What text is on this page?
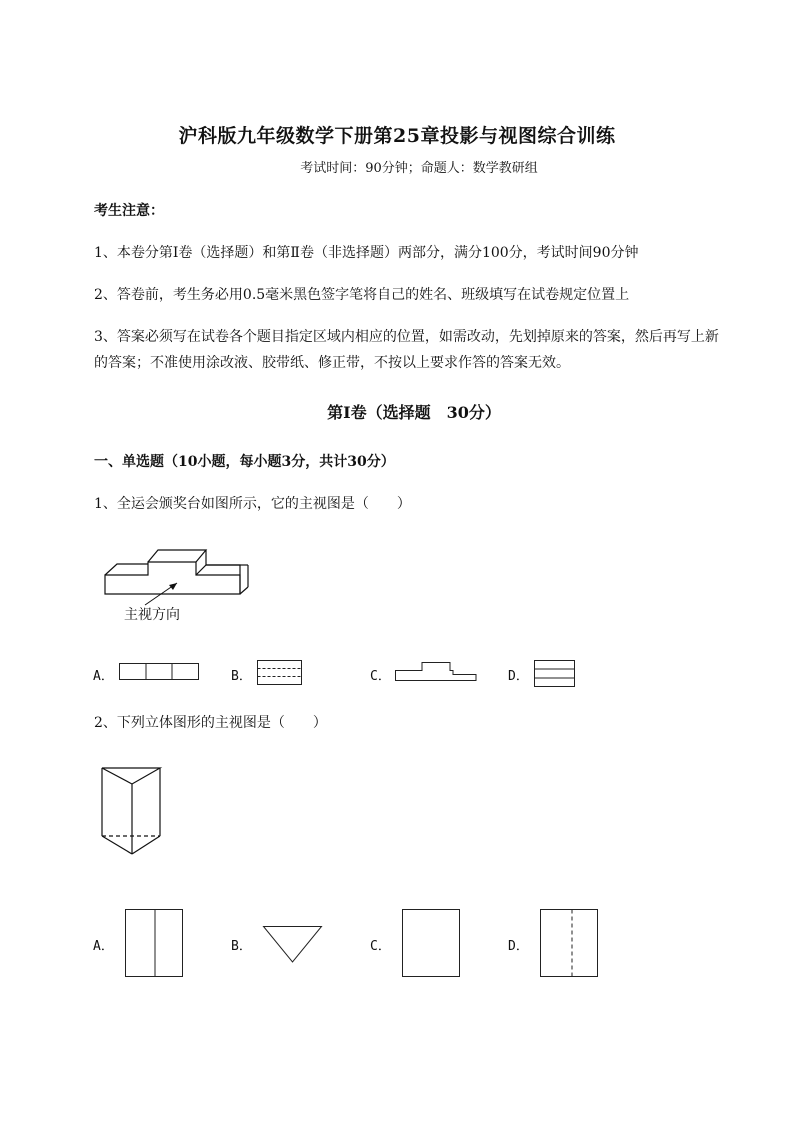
沪科版九年级数学下册第25章投影与视图综合训练
考试时间：90分钟；命题人：数学教研组
考生注意：
1、本卷分第Ⅰ卷（选择题）和第Ⅱ卷（非选择题）两部分，满分100分，考试时间90分钟
2、答卷前，考生务必用0.5毫米黑色签字笔将自己的姓名、班级填写在试卷规定位置上
3、答案必须写在试卷各个题目指定区域内相应的位置，如需改动，先划掉原来的答案，然后再写上新
的答案；不准使用涂改液、胶带纸、修正带，不按以上要求作答的答案无效。
第Ⅰ卷（选择题　30分）
一、单选题（10小题，每小题3分，共计30分）
1、全运会颁奖台如图所示，它的主视图是（　　）
主视方向
A．	B．	C．	D．
2、下列立体图形的主视图是（　　）
A．	B．	C．	D．
